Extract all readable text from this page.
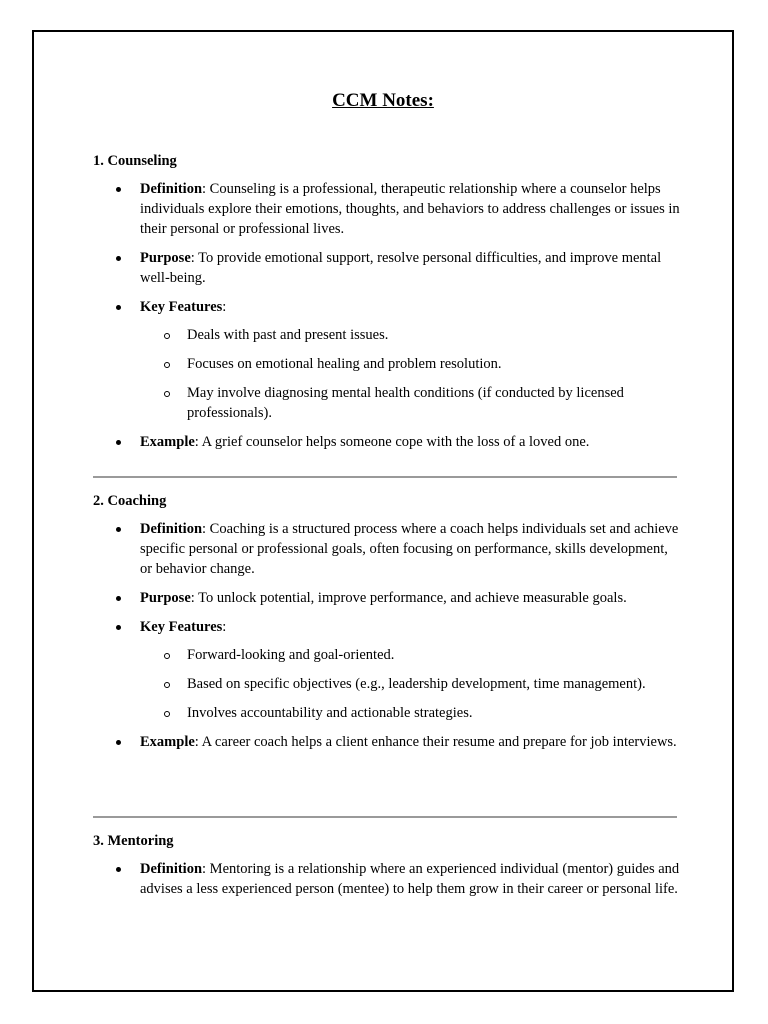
CCM Notes:
1. Counseling
Definition: Counseling is a professional, therapeutic relationship where a counselor helps individuals explore their emotions, thoughts, and behaviors to address challenges or issues in their personal or professional lives.
Purpose: To provide emotional support, resolve personal difficulties, and improve mental well-being.
Key Features:
Deals with past and present issues.
Focuses on emotional healing and problem resolution.
May involve diagnosing mental health conditions (if conducted by licensed professionals).
Example: A grief counselor helps someone cope with the loss of a loved one.
2. Coaching
Definition: Coaching is a structured process where a coach helps individuals set and achieve specific personal or professional goals, often focusing on performance, skills development, or behavior change.
Purpose: To unlock potential, improve performance, and achieve measurable goals.
Key Features:
Forward-looking and goal-oriented.
Based on specific objectives (e.g., leadership development, time management).
Involves accountability and actionable strategies.
Example: A career coach helps a client enhance their resume and prepare for job interviews.
3. Mentoring
Definition: Mentoring is a relationship where an experienced individual (mentor) guides and advises a less experienced person (mentee) to help them grow in their career or personal life.
